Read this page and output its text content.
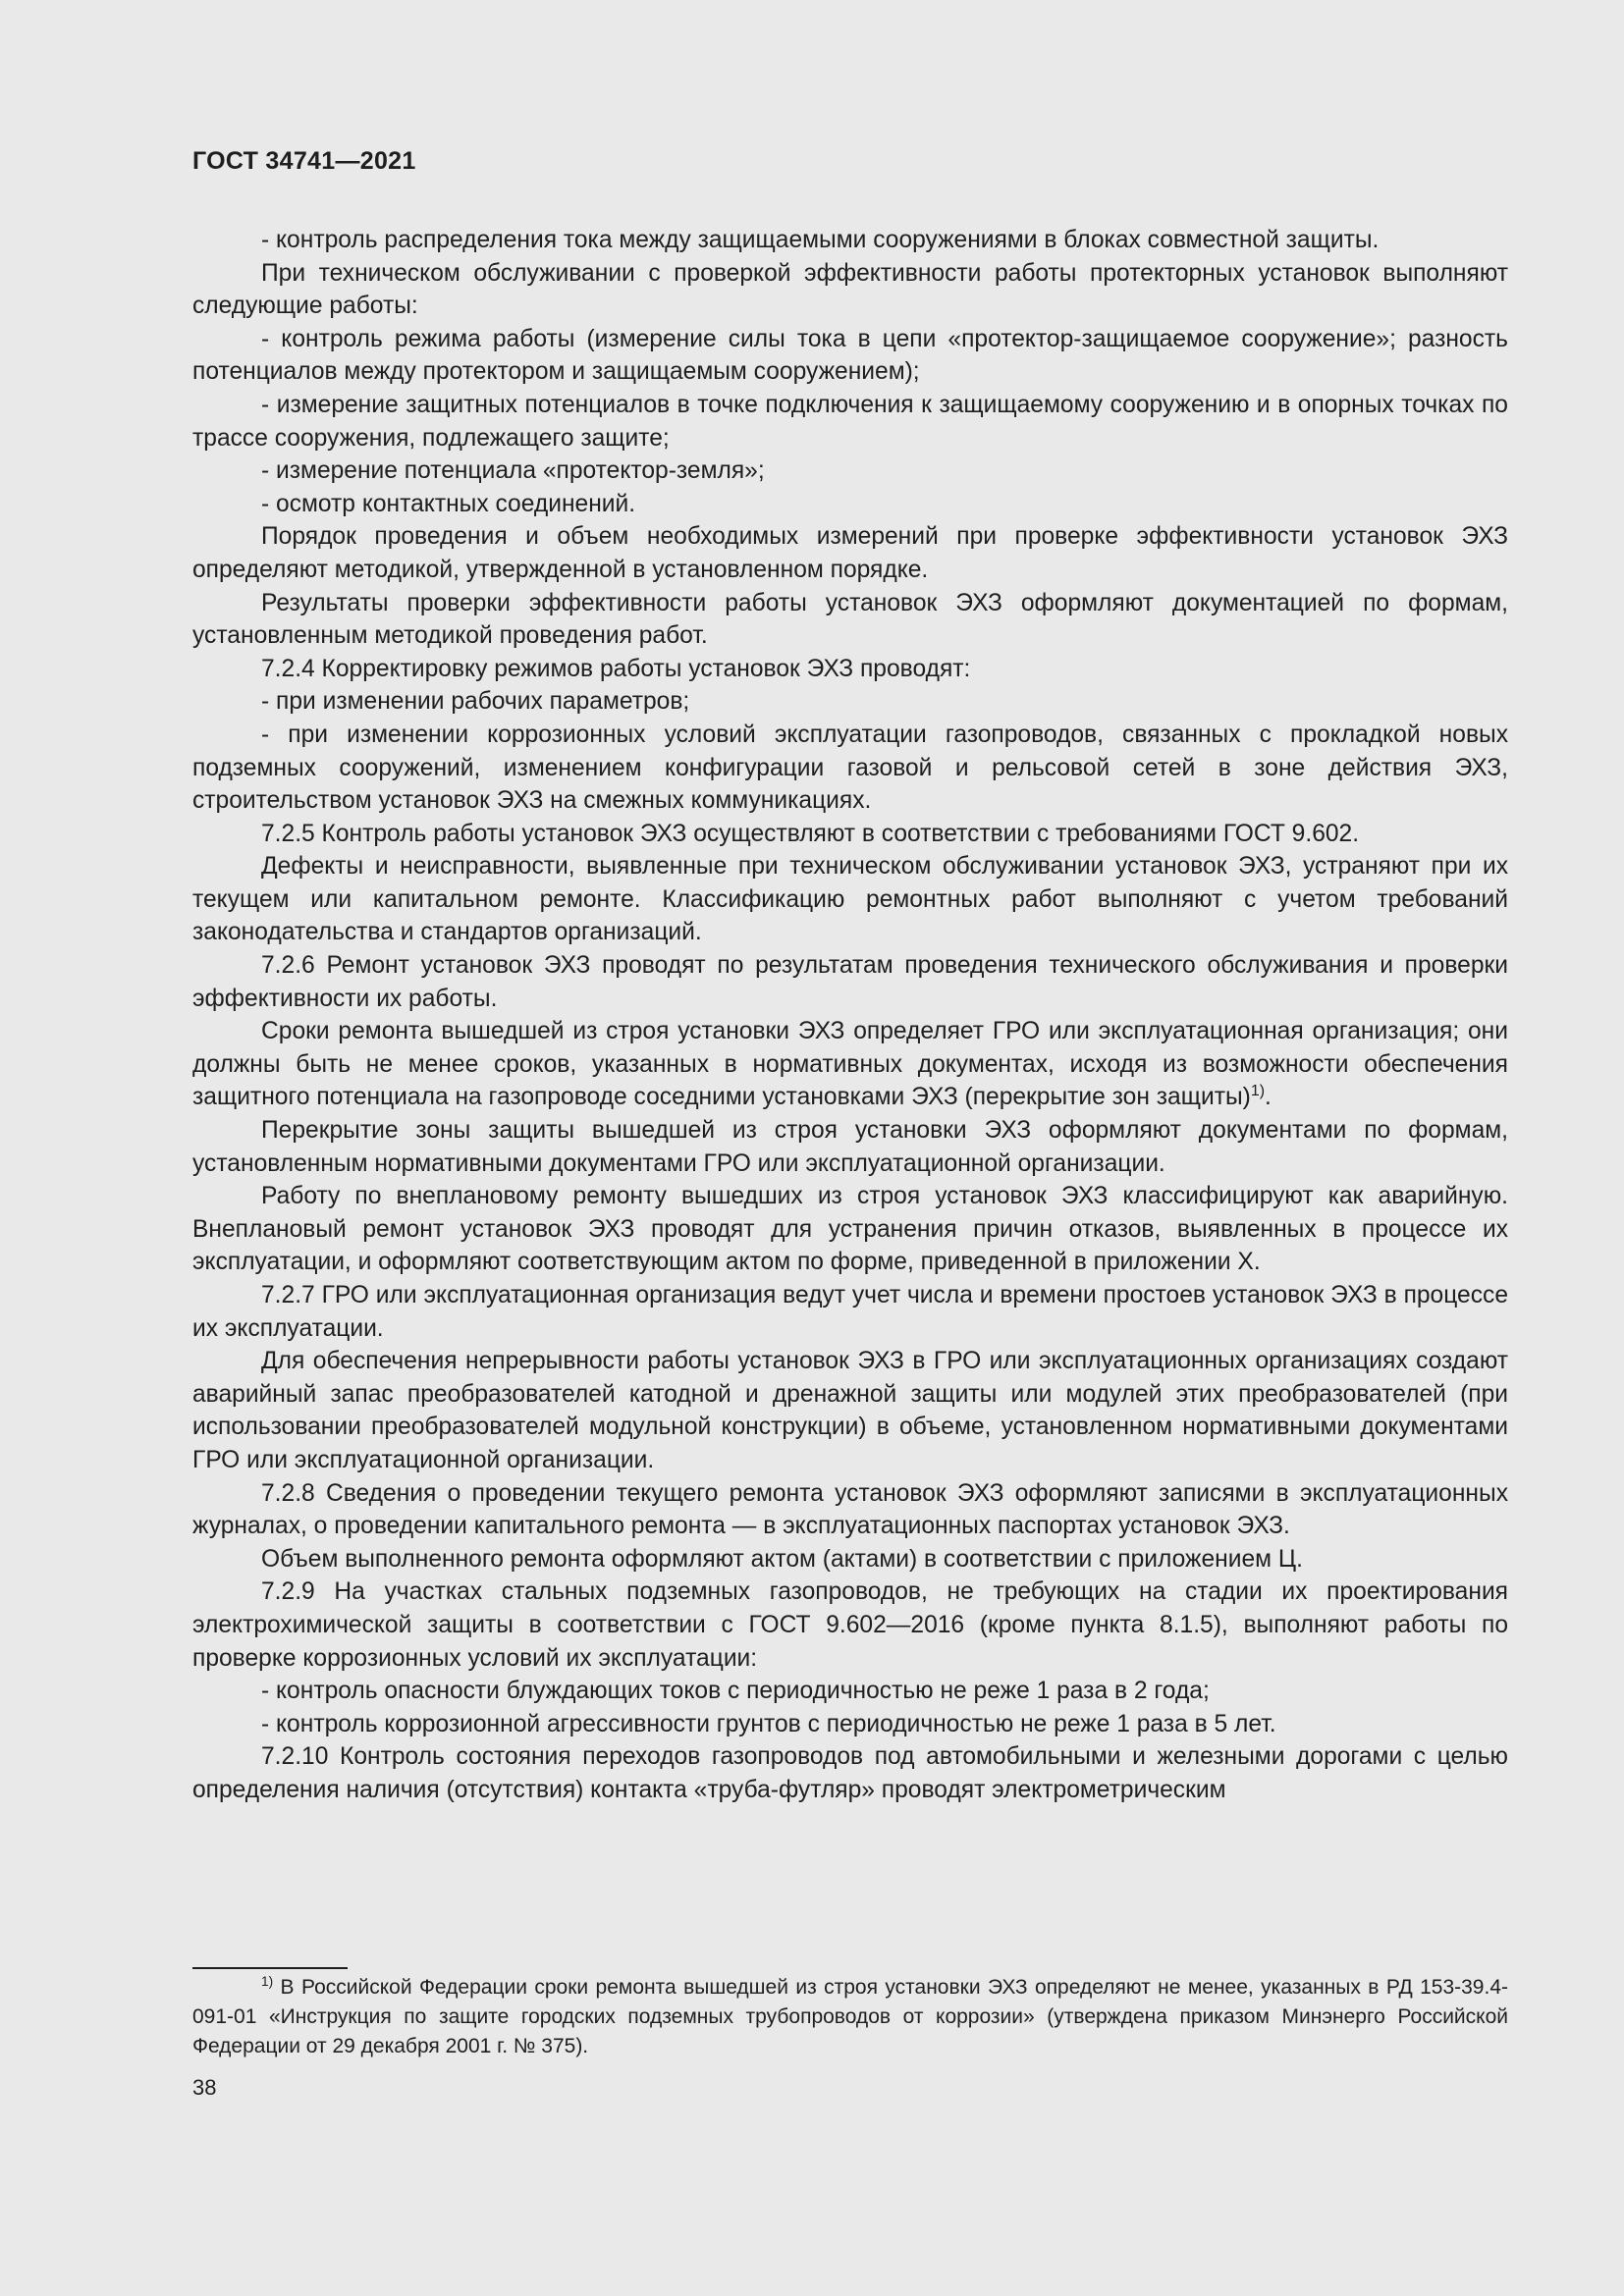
ГОСТ 34741—2021

- контроль распределения тока между защищаемыми сооружениями в блоках совместной защиты.

При техническом обслуживании с проверкой эффективности работы протекторных установок выполняют следующие работы:

- контроль режима работы (измерение силы тока в цепи «протектор-защищаемое сооружение»; разность потенциалов между протектором и защищаемым сооружением);

- измерение защитных потенциалов в точке подключения к защищаемому сооружению и в опорных точках по трассе сооружения, подлежащего защите;

- измерение потенциала «протектор-земля»;

- осмотр контактных соединений.

Порядок проведения и объем необходимых измерений при проверке эффективности установок ЭХЗ определяют методикой, утвержденной в установленном порядке.

Результаты проверки эффективности работы установок ЭХЗ оформляют документацией по формам, установленным методикой проведения работ.

7.2.4 Корректировку режимов работы установок ЭХЗ проводят:

- при изменении рабочих параметров;

- при изменении коррозионных условий эксплуатации газопроводов, связанных с прокладкой новых подземных сооружений, изменением конфигурации газовой и рельсовой сетей в зоне действия ЭХЗ, строительством установок ЭХЗ на смежных коммуникациях.

7.2.5 Контроль работы установок ЭХЗ осуществляют в соответствии с требованиями ГОСТ 9.602.

Дефекты и неисправности, выявленные при техническом обслуживании установок ЭХЗ, устраняют при их текущем или капитальном ремонте. Классификацию ремонтных работ выполняют с учетом требований законодательства и стандартов организаций.

7.2.6 Ремонт установок ЭХЗ проводят по результатам проведения технического обслуживания и проверки эффективности их работы.

Сроки ремонта вышедшей из строя установки ЭХЗ определяет ГРО или эксплуатационная организация; они должны быть не менее сроков, указанных в нормативных документах, исходя из возможности обеспечения защитного потенциала на газопроводе соседними установками ЭХЗ (перекрытие зон защиты)$^{1)}$.

Перекрытие зоны защиты вышедшей из строя установки ЭХЗ оформляют документами по формам, установленным нормативными документами ГРО или эксплуатационной организации.

Работу по внеплановому ремонту вышедших из строя установок ЭХЗ классифицируют как аварийную. Внеплановый ремонт установок ЭХЗ проводят для устранения причин отказов, выявленных в процессе их эксплуатации, и оформляют соответствующим актом по форме, приведенной в приложении Х.

7.2.7 ГРО или эксплуатационная организация ведут учет числа и времени простоев установок ЭХЗ в процессе их эксплуатации.

Для обеспечения непрерывности работы установок ЭХЗ в ГРО или эксплуатационных организациях создают аварийный запас преобразователей катодной и дренажной защиты или модулей этих преобразователей (при использовании преобразователей модульной конструкции) в объеме, установленном нормативными документами ГРО или эксплуатационной организации.

7.2.8 Сведения о проведении текущего ремонта установок ЭХЗ оформляют записями в эксплуатационных журналах, о проведении капитального ремонта — в эксплуатационных паспортах установок ЭХЗ.

Объем выполненного ремонта оформляют актом (актами) в соответствии с приложением Ц.

7.2.9 На участках стальных подземных газопроводов, не требующих на стадии их проектирования электрохимической защиты в соответствии с ГОСТ 9.602—2016 (кроме пункта 8.1.5), выполняют работы по проверке коррозионных условий их эксплуатации:

- контроль опасности блуждающих токов с периодичностью не реже 1 раза в 2 года;

- контроль коррозионной агрессивности грунтов с периодичностью не реже 1 раза в 5 лет.

7.2.10 Контроль состояния переходов газопроводов под автомобильными и железными дорогами с целью определения наличия (отсутствия) контакта «труба-футляр» проводят электрометрическим

$^{1)}$ В Российской Федерации сроки ремонта вышедшей из строя установки ЭХЗ определяют не менее, указанных в РД 153-39.4-091-01 «Инструкция по защите городских подземных трубопроводов от коррозии» (утверждена приказом Минэнерго Российской Федерации от 29 декабря 2001 г. № 375).

38
